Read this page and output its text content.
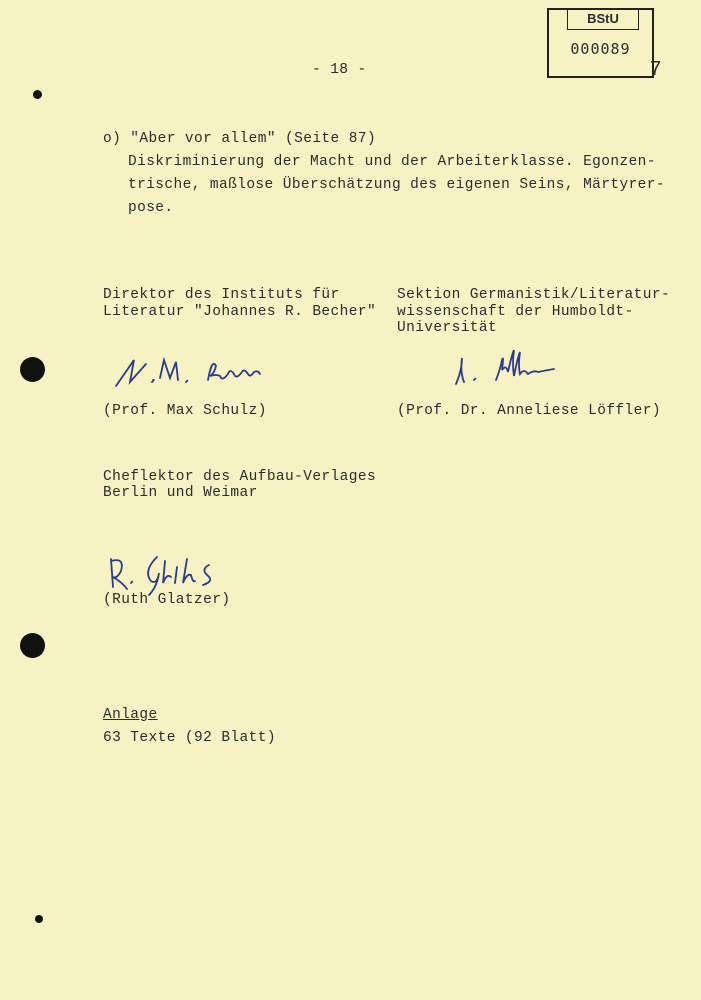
BStU
000089
7
- 18 -
o) "Aber vor allem" (Seite 87)
Diskriminierung der Macht und der Arbeiterklasse. Egonzen-
trische, maßlose Überschätzung des eigenen Seins, Märtyrer-
pose.
Direktor des Instituts für
Literatur "Johannes R. Becher"
(Prof. Max Schulz)
Sektion Germanistik/Literatur-
wissenschaft der Humboldt-
Universität
(Prof. Dr. Anneliese Löffler)
Cheflektor des Aufbau-Verlages
Berlin und Weimar
(Ruth Glatzer)
Anlage
63 Texte (92 Blatt)
